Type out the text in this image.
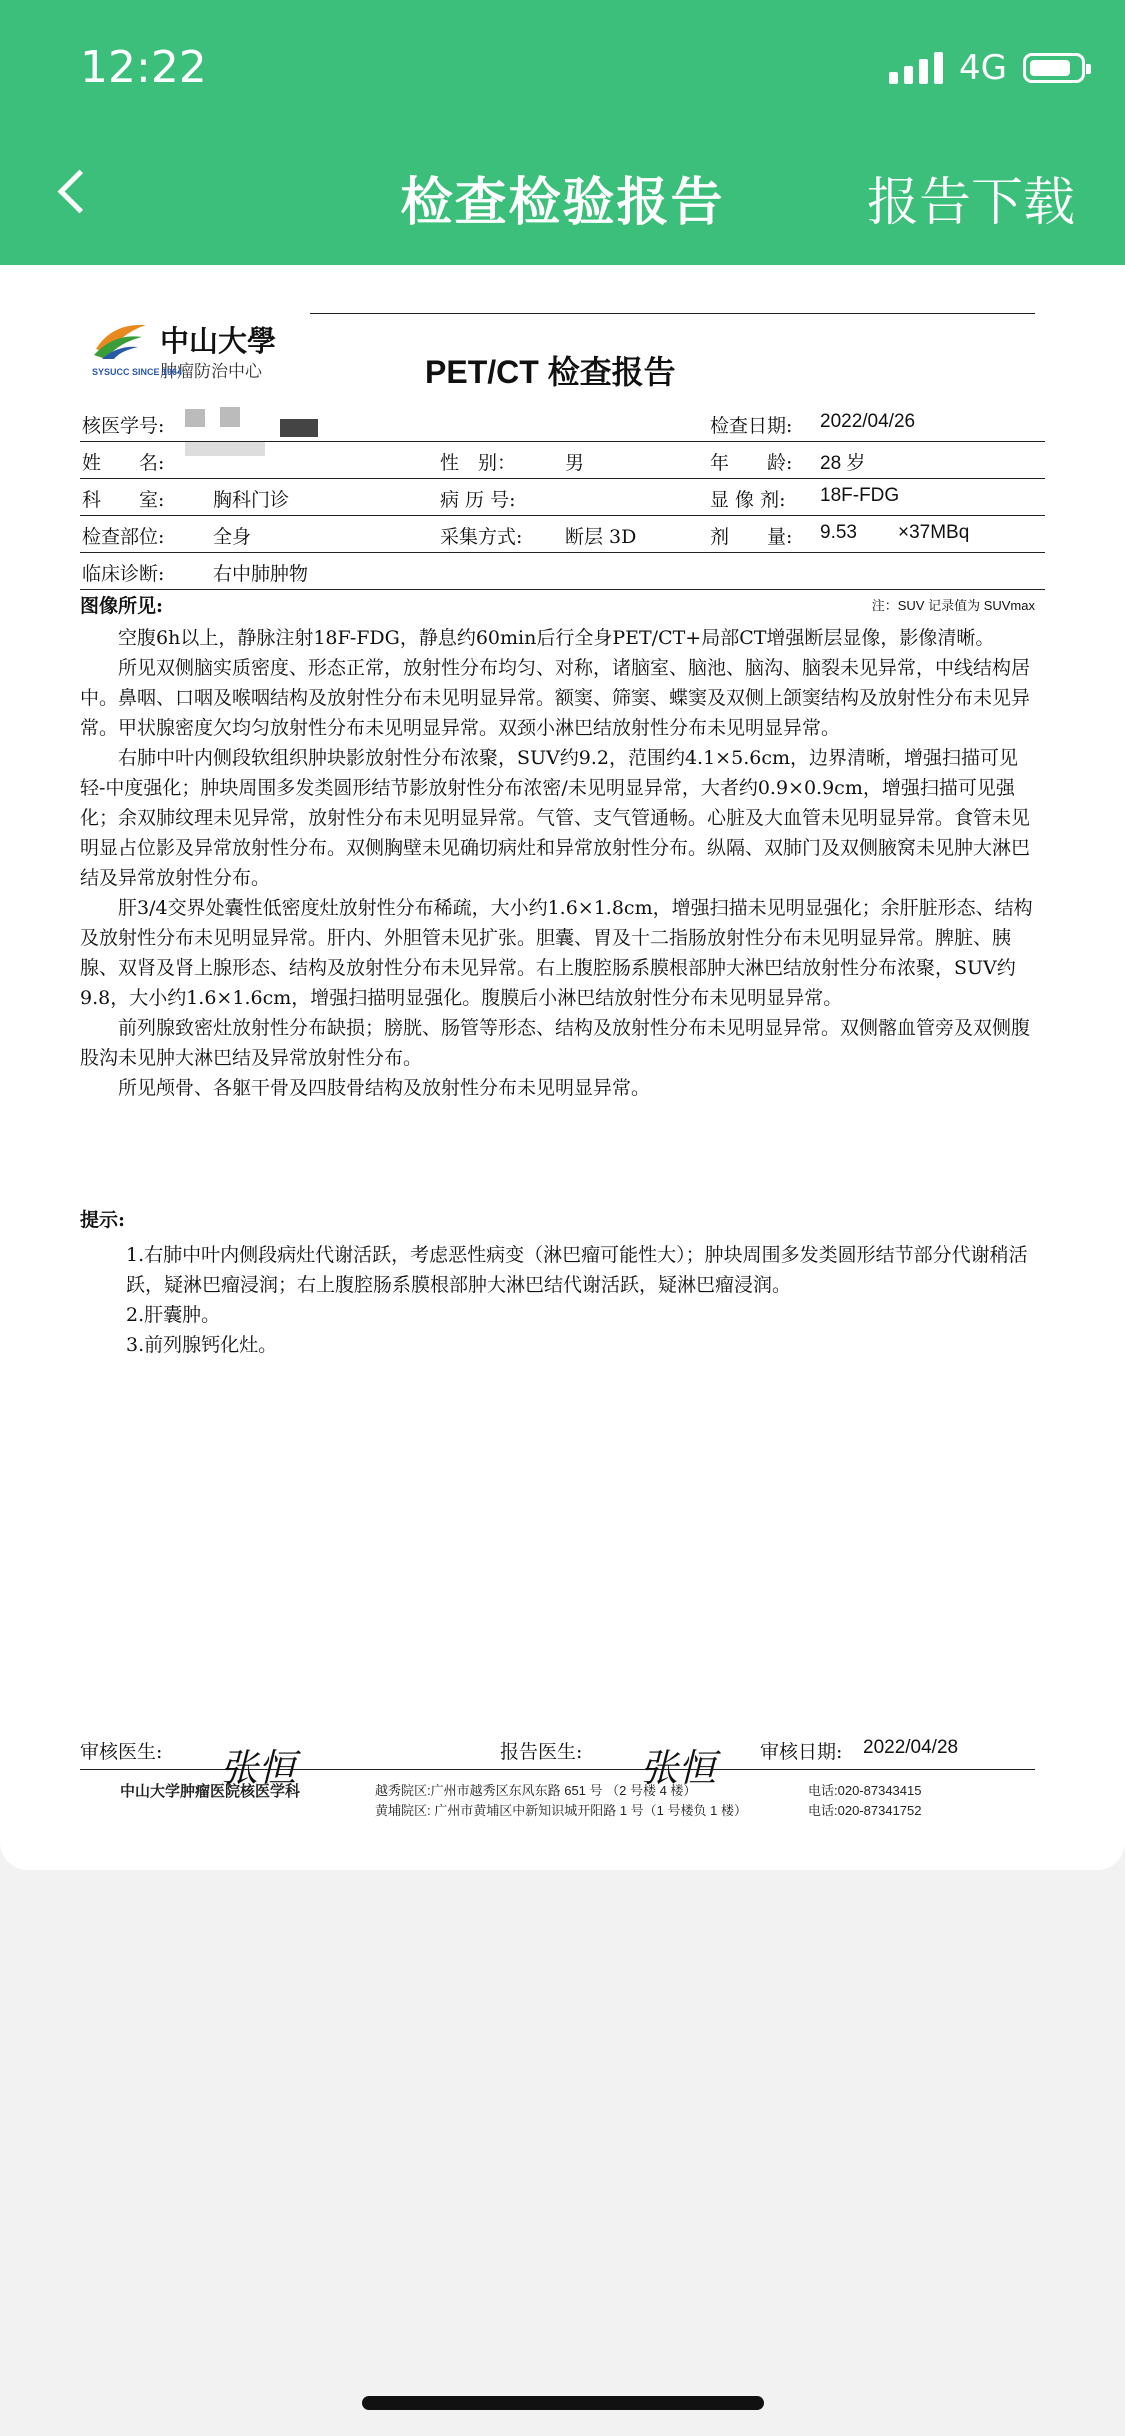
12:22	4G
检查检验报告	报告下载
中山大學
肿瘤防治中心
SYSUCC SINCE 1964	PET/CT 检查报告
核医学号:	检查日期: 2022/04/26
姓　　名:	性　别：	男	年　　龄: 28 岁
科　　室:	胸科门诊	病 历 号:	显 像 剂: 18F-FDG
检查部位:	全身	采集方式: 断层 3D	剂　　量: 9.53 ×37MBq
临床诊断:	右中肺肿物
图像所见:	注：SUV 记录值为 SUVmax

空腹6h以上，静脉注射18F-FDG，静息约60min后行全身PET/CT+局部CT增强断层显像，影像清晰。

所见双侧脑实质密度、形态正常，放射性分布均匀、对称，诸脑室、脑池、脑沟、脑裂未见异常，中线结构居中。鼻咽、口咽及喉咽结构及放射性分布未见明显异常。额窦、筛窦、蝶窦及双侧上颌窦结构及放射性分布未见异常。甲状腺密度欠均匀放射性分布未见明显异常。双颈小淋巴结放射性分布未见明显异常。

右肺中叶内侧段软组织肿块影放射性分布浓聚，SUV约9.2，范围约4.1×5.6cm，边界清晰，增强扫描可见轻-中度强化；肿块周围多发类圆形结节影放射性分布浓密/未见明显异常，大者约0.9×0.9cm，增强扫描可见强化；余双肺纹理未见异常，放射性分布未见明显异常。气管、支气管通畅。心脏及大血管未见明显异常。食管未见明显占位影及异常放射性分布。双侧胸壁未见确切病灶和异常放射性分布。纵隔、双肺门及双侧腋窝未见肿大淋巴结及异常放射性分布。

肝3/4交界处囊性低密度灶放射性分布稀疏，大小约1.6×1.8cm，增强扫描未见明显强化；余肝脏形态、结构及放射性分布未见明显异常。肝内、外胆管未见扩张。胆囊、胃及十二指肠放射性分布未见明显异常。脾脏、胰腺、双肾及肾上腺形态、结构及放射性分布未见异常。右上腹腔肠系膜根部肿大淋巴结放射性分布浓聚，SUV约9.8，大小约1.6×1.6cm，增强扫描明显强化。腹膜后小淋巴结放射性分布未见明显异常。

前列腺致密灶放射性分布缺损；膀胱、肠管等形态、结构及放射性分布未见明显异常。双侧髂血管旁及双侧腹股沟未见肿大淋巴结及异常放射性分布。

所见颅骨、各躯干骨及四肢骨结构及放射性分布未见明显异常。

提示:

1.右肺中叶内侧段病灶代谢活跃，考虑恶性病变（淋巴瘤可能性大）；肿块周围多发类圆形结节部分代谢稍活跃，疑淋巴瘤浸润；右上腹腔肠系膜根部肿大淋巴结代谢活跃，疑淋巴瘤浸润。

2.肝囊肿。

3.前列腺钙化灶。

审核医生: 张恒	报告医生: 张恒 审核日期: 2022/04/28
中山大学肿瘤医院核医学科	越秀院区:广州市越秀区东风东路 651 号 （2 号楼 4 楼）	电话:020-87343415
黄埔院区: 广州市黄埔区中新知识城开阳路 1 号（1 号楼负 1 楼）	电话:020-87341752
